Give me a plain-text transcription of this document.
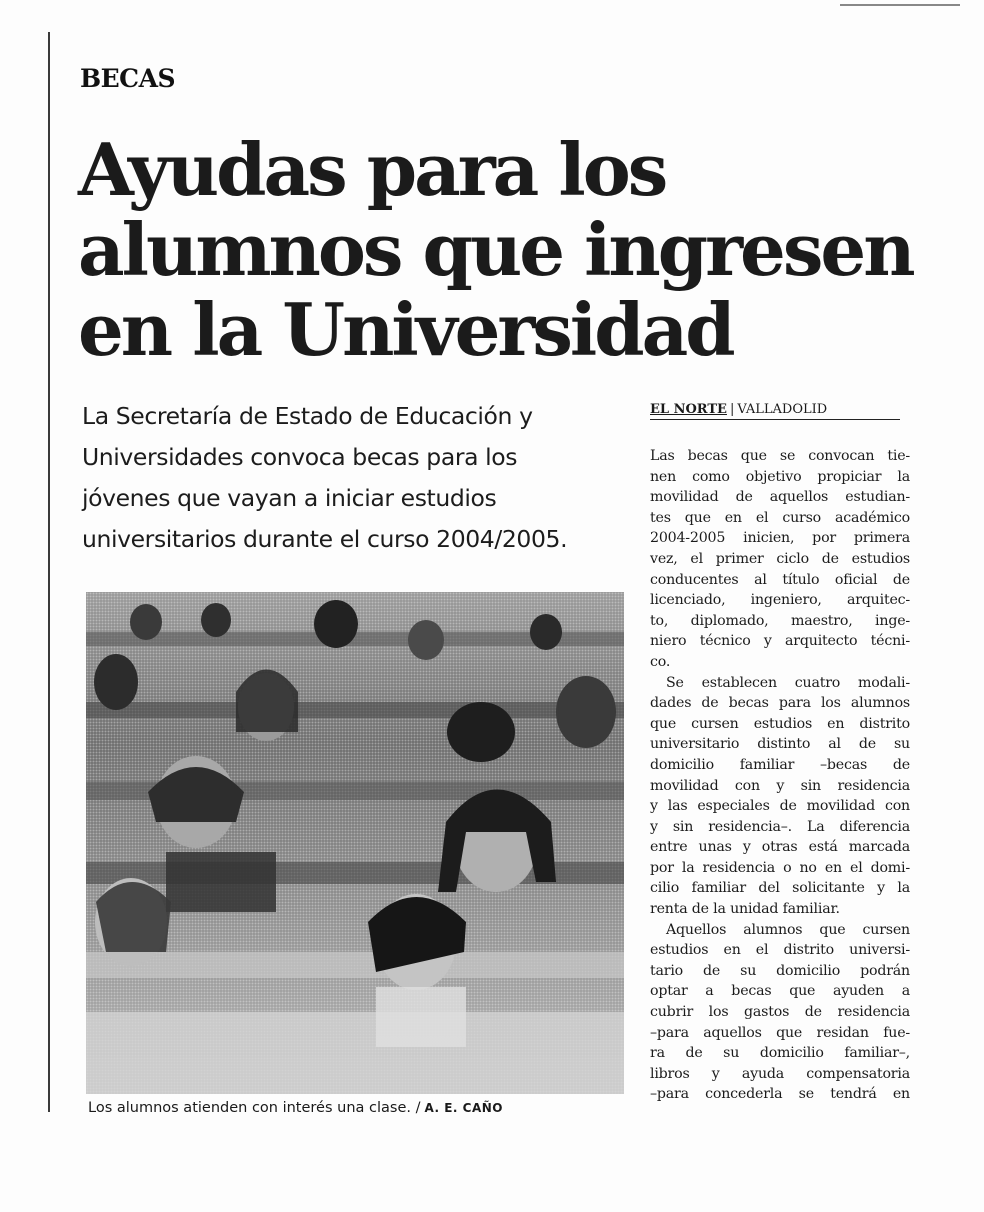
BECAS
Ayudas para los
alumnos que ingresen
en la Universidad
La Secretaría de Estado de Educación y
Universidades convoca becas para los
jóvenes que vayan a iniciar estudios
universitarios durante el curso 2004/2005.
Los alumnos atienden con interés una clase. / A. E. CAÑO
EL NORTE | VALLADOLID
Las becas que se convocan tie-
nen como objetivo propiciar la
movilidad de aquellos estudian-
tes que en el curso académico
2004-2005 inicien, por primera
vez, el primer ciclo de estudios
conducentes al título oficial de
licenciado, ingeniero, arquitec-
to, diplomado, maestro, inge-
niero técnico y arquitecto técni-
co.
Se establecen cuatro modali-
dades de becas para los alumnos
que cursen estudios en distrito
universitario distinto al de su
domicilio familiar –becas de
movilidad con y sin residencia
y las especiales de movilidad con
y sin residencia–. La diferencia
entre unas y otras está marcada
por la residencia o no en el domi-
cilio familiar del solicitante y la
renta de la unidad familiar.
Aquellos alumnos que cursen
estudios en el distrito universi-
tario de su domicilio podrán
optar a becas que ayuden a
cubrir los gastos de residencia
–para aquellos que residan fue-
ra de su domicilio familiar–,
libros y ayuda compensatoria
–para concederla se tendrá en
